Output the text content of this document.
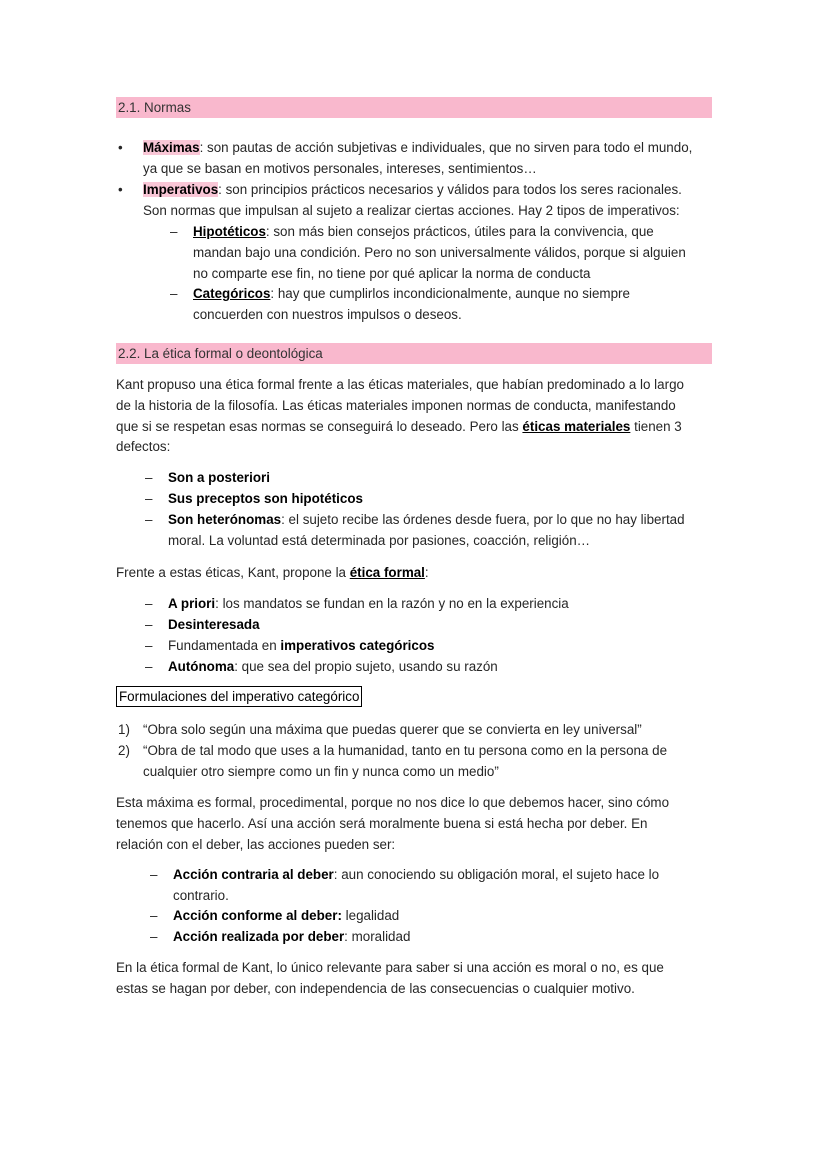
2.1. Normas
• Máximas: son pautas de acción subjetivas e individuales, que no sirven para todo el mundo,
ya que se basan en motivos personales, intereses, sentimientos…
• Imperativos: son principios prácticos necesarios y válidos para todos los seres racionales.
Son normas que impulsan al sujeto a realizar ciertas acciones. Hay 2 tipos de imperativos:
– Hipotéticos: son más bien consejos prácticos, útiles para la convivencia, que
mandan bajo una condición. Pero no son universalmente válidos, porque si alguien
no comparte ese fin, no tiene por qué aplicar la norma de conducta
– Categóricos: hay que cumplirlos incondicionalmente, aunque no siempre
concuerden con nuestros impulsos o deseos.
2.2. La ética formal o deontológica
Kant propuso una ética formal frente a las éticas materiales, que habían predominado a lo largo
de la historia de la filosofía. Las éticas materiales imponen normas de conducta, manifestando
que si se respetan esas normas se conseguirá lo deseado. Pero las éticas materiales tienen 3
defectos:
– Son a posteriori
– Sus preceptos son hipotéticos
– Son heterónomas: el sujeto recibe las órdenes desde fuera, por lo que no hay libertad
moral. La voluntad está determinada por pasiones, coacción, religión…
Frente a estas éticas, Kant, propone la ética formal:
– A priori: los mandatos se fundan en la razón y no en la experiencia
– Desinteresada
– Fundamentada en imperativos categóricos
– Autónoma: que sea del propio sujeto, usando su razón
Formulaciones del imperativo categórico
1) “Obra solo según una máxima que puedas querer que se convierta en ley universal”
2) “Obra de tal modo que uses a la humanidad, tanto en tu persona como en la persona de
cualquier otro siempre como un fin y nunca como un medio”
Esta máxima es formal, procedimental, porque no nos dice lo que debemos hacer, sino cómo
tenemos que hacerlo. Así una acción será moralmente buena si está hecha por deber. En
relación con el deber, las acciones pueden ser:
– Acción contraria al deber: aun conociendo su obligación moral, el sujeto hace lo
contrario.
– Acción conforme al deber: legalidad
– Acción realizada por deber: moralidad
En la ética formal de Kant, lo único relevante para saber si una acción es moral o no, es que
estas se hagan por deber, con independencia de las consecuencias o cualquier motivo.
